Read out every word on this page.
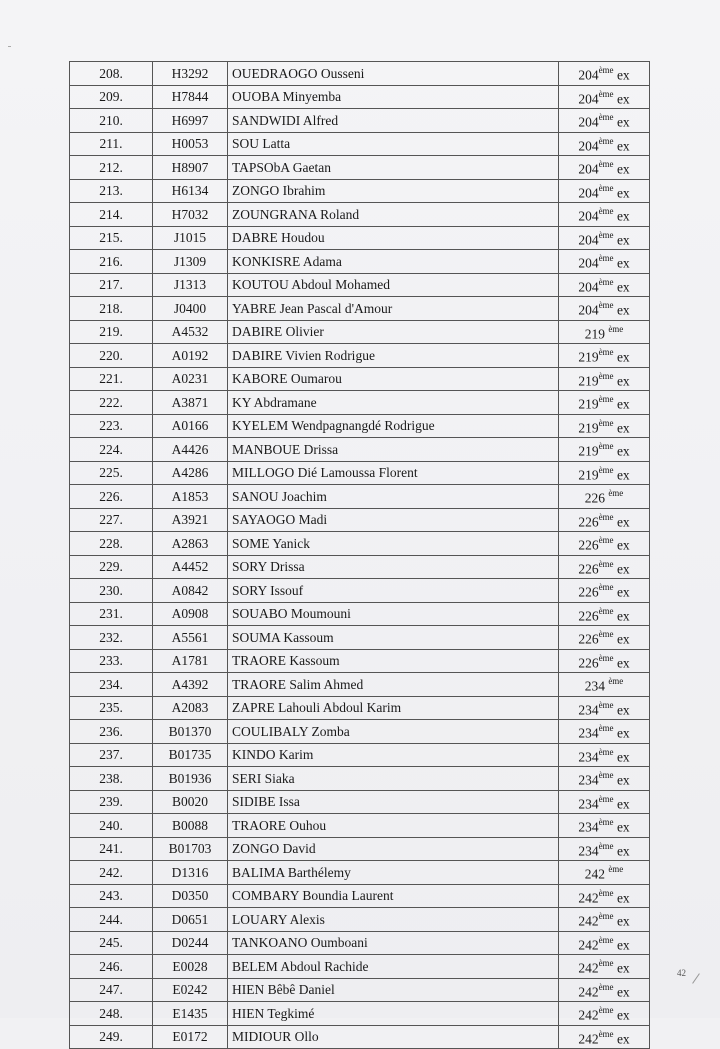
208.	H3292	OUEDRAOGO Ousseni	204ème ex
209.	H7844	OUOBA Minyemba	204ème ex
210.	H6997	SANDWIDI Alfred	204ème ex
211.	H0053	SOU Latta	204ème ex
212.	H8907	TAPSObA Gaetan	204ème ex
213.	H6134	ZONGO Ibrahim	204ème ex
214.	H7032	ZOUNGRANA Roland	204ème ex
215.	J1015	DABRE Houdou	204ème ex
216.	J1309	KONKISRE Adama	204ème ex
217.	J1313	KOUTOU Abdoul Mohamed	204ème ex
218.	J0400	YABRE Jean Pascal d'Amour	204ème ex
219.	A4532	DABIRE Olivier	219 $^{ème}$
220.	A0192	DABIRE Vivien Rodrigue	219ème ex
221.	A0231	KABORE Oumarou	219ème ex
222.	A3871	KY Abdramane	219ème ex
223.	A0166	KYELEM Wendpagnangdé Rodrigue	219ème ex
224.	A4426	MANBOUE Drissa	219ème ex
225.	A4286	MILLOGO Dié Lamoussa Florent	219ème ex
226.	A1853	SANOU Joachim	226 $^{ème}$
227.	A3921	SAYAOGO Madi	226ème ex
228.	A2863	SOME Yanick	226ème ex
229.	A4452	SORY Drissa	226ème ex
230.	A0842	SORY Issouf	226ème ex
231.	A0908	SOUABO Moumouni	226ème ex
232.	A5561	SOUMA Kassoum	226ème ex
233.	A1781	TRAORE Kassoum	226ème ex
234.	A4392	TRAORE Salim Ahmed	234 $^{ème}$
235.	A2083	ZAPRE Lahouli Abdoul Karim	234ème ex
236.	B01370	COULIBALY Zomba	234ème ex
237.	B01735	KINDO Karim	234ème ex
238.	B01936	SERI Siaka	234ème ex
239.	B0020	SIDIBE Issa	234ème ex
240.	B0088	TRAORE Ouhou	234ème ex
241.	B01703	ZONGO David	234ème ex
242.	D1316	BALIMA Barthélemy	242 $^{ème}$
243.	D0350	COMBARY Boundia Laurent	242ème ex
244.	D0651	LOUARY Alexis	242ème ex
245.	D0244	TANKOANO Oumboani	242ème ex
246.	E0028	BELEM Abdoul Rachide	242ème ex
247.	E0242	HIEN Bêbê Daniel	242ème ex
248.	E1435	HIEN Tegkimé	242ème ex
249.	E0172	MIDIOUR Ollo	242ème ex
42
